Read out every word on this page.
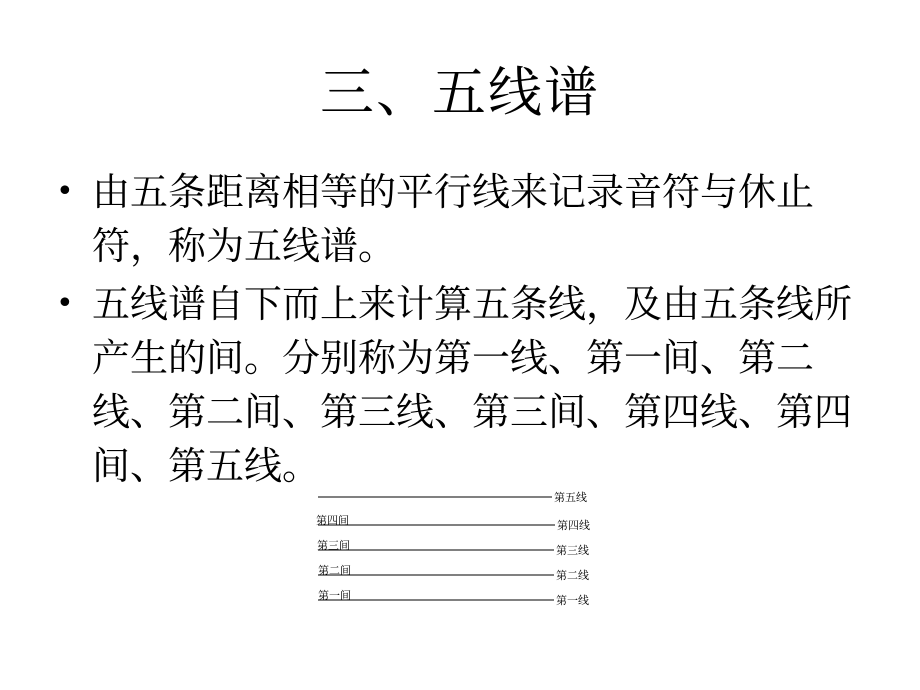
三、五线谱
• 由五条距离相等的平行线来记录音符与休止符，称为五线谱。
• 五线谱自下而上来计算五条线，及由五条线所产生的间。分别称为第一线、第一间、第二线、第二间、第三线、第三间、第四线、第四间、第五线。
第五线
第四间	第四线
第三间	第三线
第二间	第二线
第一间	第一线
